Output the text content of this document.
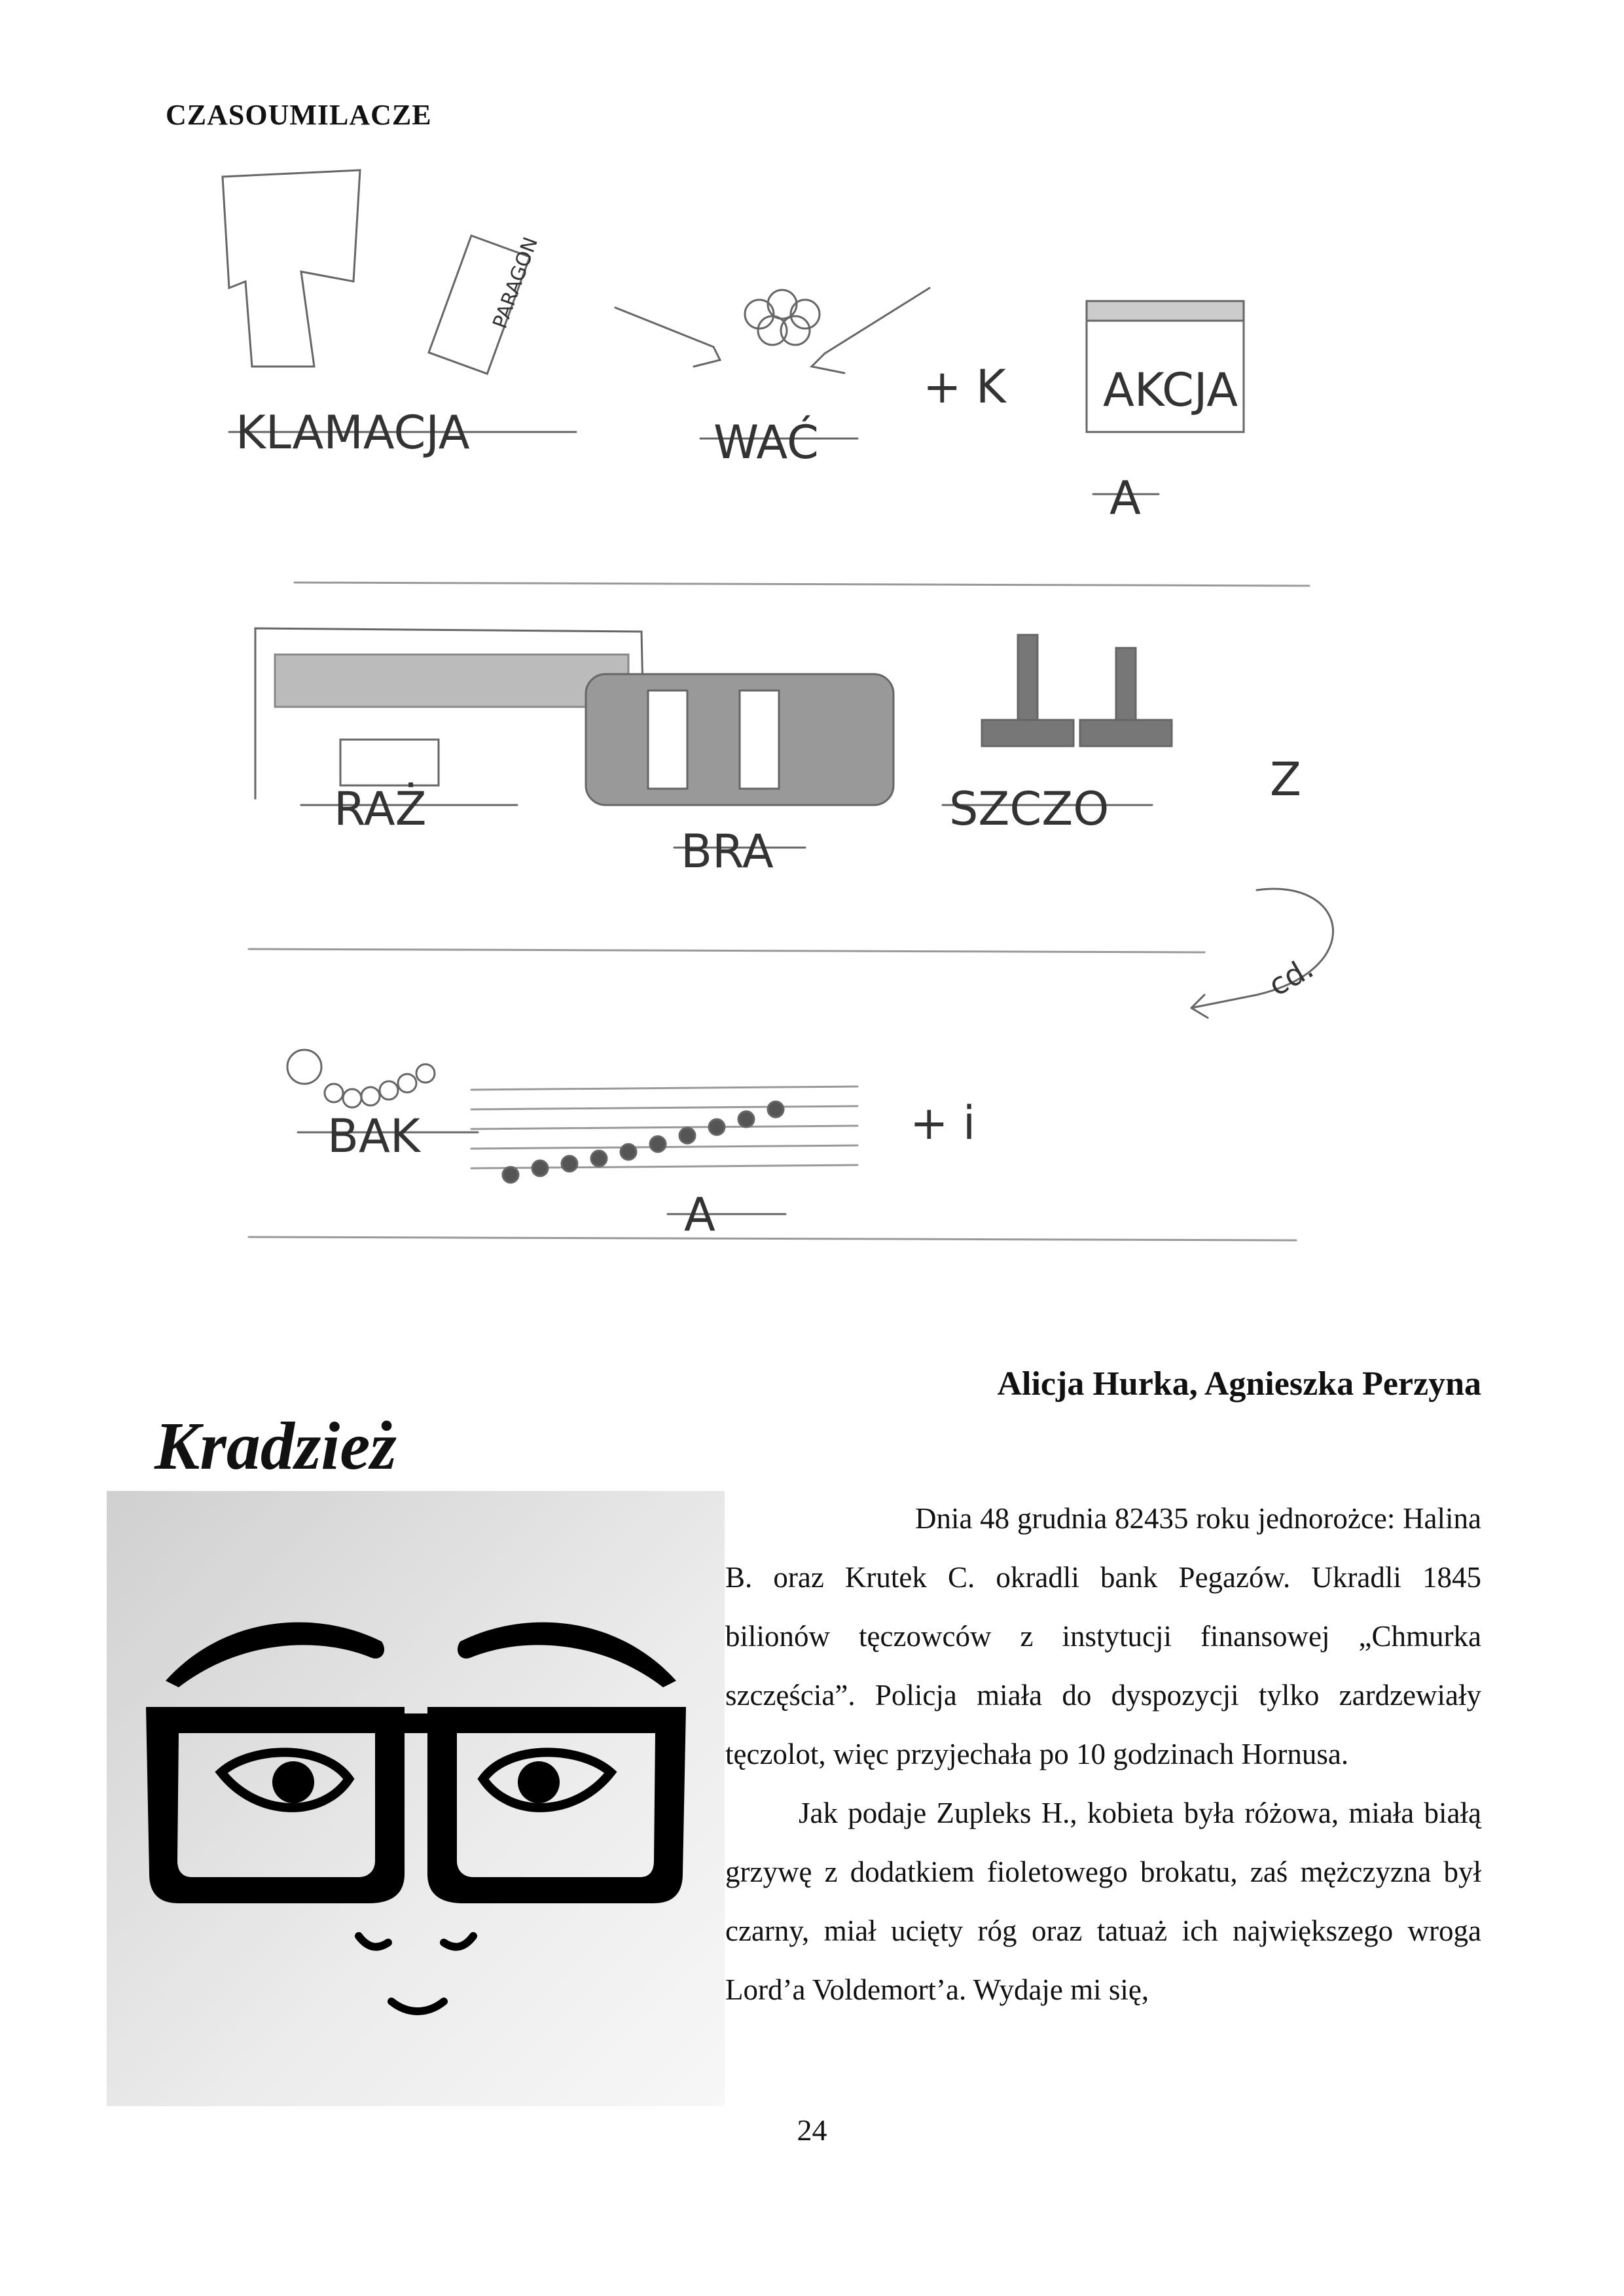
CZASOUMILACZE
PARAGON
KLAMACJA	WAĆ
+ K AKCJA
A
RAŻ
BRA
SZCZO
Z
cd.
BAK
A
+ i
Alicja Hurka, Agnieszka Perzyna
Kradzież

Dnia 48 grudnia 82435 roku jednorożce: Halina B. oraz Krutek C. okradli bank Pegazów. Ukradli 1845 bilionów tęczowców z instytucji finansowej „Chmurka szczęścia”. Policja miała do dyspozycji tylko zardzewiały tęczolot, więc przyjechała po 10 godzinach Hornusa.

Jak podaje Zupleks H., kobieta była różowa, miała białą grzywę z dodatkiem fioletowego brokatu, zaś mężczyzna był czarny, miał ucięty róg oraz tatuaż ich największego wroga Lord’a Voldemort’a. Wydaje mi się,

24
